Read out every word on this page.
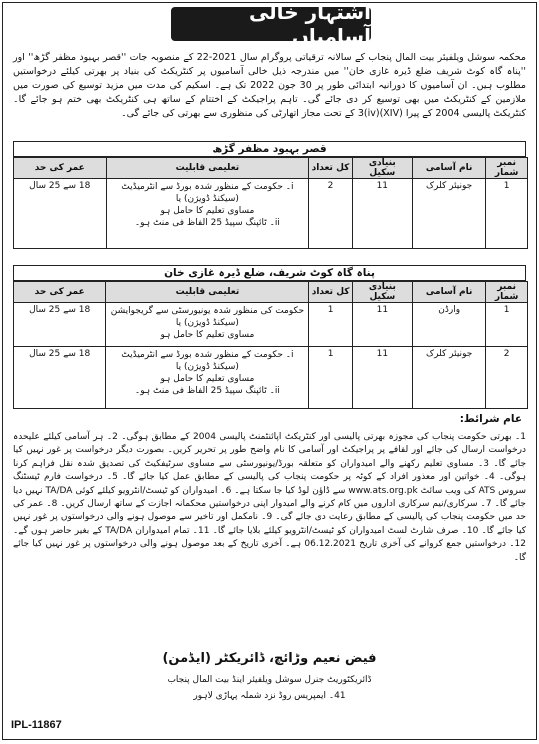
اشتہار خالی آسامیاں
محکمہ سوشل ویلفیئر بیت المال پنجاب کے سالانہ ترقیاتی پروگرام سال 2021-22 کے منصوبہ جات ''قصر بہبود مظفر گڑھ'' اور ''پناہ گاہ کوٹ شریف ضلع ڈیرہ غازی خان'' میں مندرجہ ذیل خالی آسامیوں پر کنٹریکٹ کی بنیاد پر بھرتی کیلئے درخواستیں مطلوب ہیں۔ ان آسامیوں کا دورانیہ ابتدائی طور پر 30 جون 2022 تک ہے۔ اسکیم کی مدت میں مزید توسیع کی صورت میں ملازمین کے کنٹریکٹ میں بھی توسیع کر دی جائے گی۔ تاہم پراجیکٹ کے اختتام کے ساتھ ہی کنٹریکٹ بھی ختم ہو جائے گا۔ کنٹریکٹ پالیسی 2004 کے پیرا (XIV)(iv)3 کے تحت مجاز اتھارٹی کی منظوری سے بھرتی کی جائے گی۔
قصر بہبود مظفر گڑھ
نمبر شمار	نام آسامی	بنیادی سکیل	کل تعداد	تعلیمی قابلیت	عمر کی حد
1	جونیئر کلرک	11	2	i۔ حکومت کے منظور شدہ بورڈ سے انٹرمیڈیٹ (سیکنڈ ڈویژن) یا
مساوی تعلیم کا حامل ہو
ii۔ ٹائپنگ سپیڈ 25 الفاظ فی منٹ ہو۔	18 سے 25 سال
پناہ گاہ کوٹ شریف، ضلع ڈیرہ غازی خان
نمبر شمار	نام آسامی	بنیادی سکیل	کل تعداد	تعلیمی قابلیت	عمر کی حد
1	وارڈن	11	1	حکومت کی منظور شدہ یونیورسٹی سے گریجوایشن (سیکنڈ ڈویژن) یا
مساوی تعلیم کا حامل ہو	18 سے 25 سال
2	جونیئر کلرک	11	1	i۔ حکومت کے منظور شدہ بورڈ سے انٹرمیڈیٹ (سیکنڈ ڈویژن) یا
مساوی تعلیم کا حامل ہو
ii۔ ٹائپنگ سپیڈ 25 الفاظ فی منٹ ہو۔	18 سے 25 سال
عام شرائط:
1۔ بھرتی حکومت پنجاب کی مجوزہ بھرتی پالیسی اور کنٹریکٹ اپائنٹمنٹ پالیسی 2004 کے مطابق ہوگی۔ 2۔ ہر آسامی کیلئے علیحدہ درخواست ارسال کی جائے اور لفافے پر پراجیکٹ اور آسامی کا نام واضح طور پر تحریر کریں۔ بصورت دیگر درخواست پر غور نہیں کیا جائے گا۔ 3۔ مساوی تعلیم رکھنے والے امیدواران کو متعلقہ بورڈ/یونیورسٹی سے مساوی سرٹیفکیٹ کی تصدیق شدہ نقل فراہم کرنا ہوگی۔ 4۔ خواتین اور معذور افراد کے کوٹہ پر حکومت پنجاب کی پالیسی کے مطابق عمل کیا جائے گا۔ 5۔ درخواست فارم ٹیسٹنگ سروس ATS کی ویب سائٹ www.ats.org.pk سے ڈاؤن لوڈ کیا جا سکتا ہے۔ 6۔ امیدواران کو ٹیسٹ/انٹرویو کیلئے کوئی TA/DA نہیں دیا جائے گا۔ 7۔ سرکاری/نیم سرکاری اداروں میں کام کرنے والے امیدوار اپنی درخواستیں محکمانہ اجازت کے ساتھ ارسال کریں۔ 8۔ عمر کی حد میں حکومت پنجاب کی پالیسی کے مطابق رعایت دی جائے گی۔ 9۔ نامکمل اور تاخیر سے موصول ہونے والی درخواستوں پر غور نہیں کیا جائے گا۔ 10۔ صرف شارٹ لسٹ امیدواران کو ٹیسٹ/انٹرویو کیلئے بلایا جائے گا۔ 11۔ تمام امیدواران TA/DA کے بغیر حاضر ہوں گے۔ 12۔ درخواستیں جمع کروانے کی آخری تاریخ 06.12.2021 ہے۔ آخری تاریخ کے بعد موصول ہونے والی درخواستوں پر غور نہیں کیا جائے گا۔
فیض نعیم وڑائچ، ڈائریکٹر (ایڈمن)
ڈائریکٹوریٹ جنرل سوشل ویلفیئر اینڈ بیت المال پنجاب
41۔ ایمپریس روڈ نزد شملہ پہاڑی لاہور
IPL-11867
